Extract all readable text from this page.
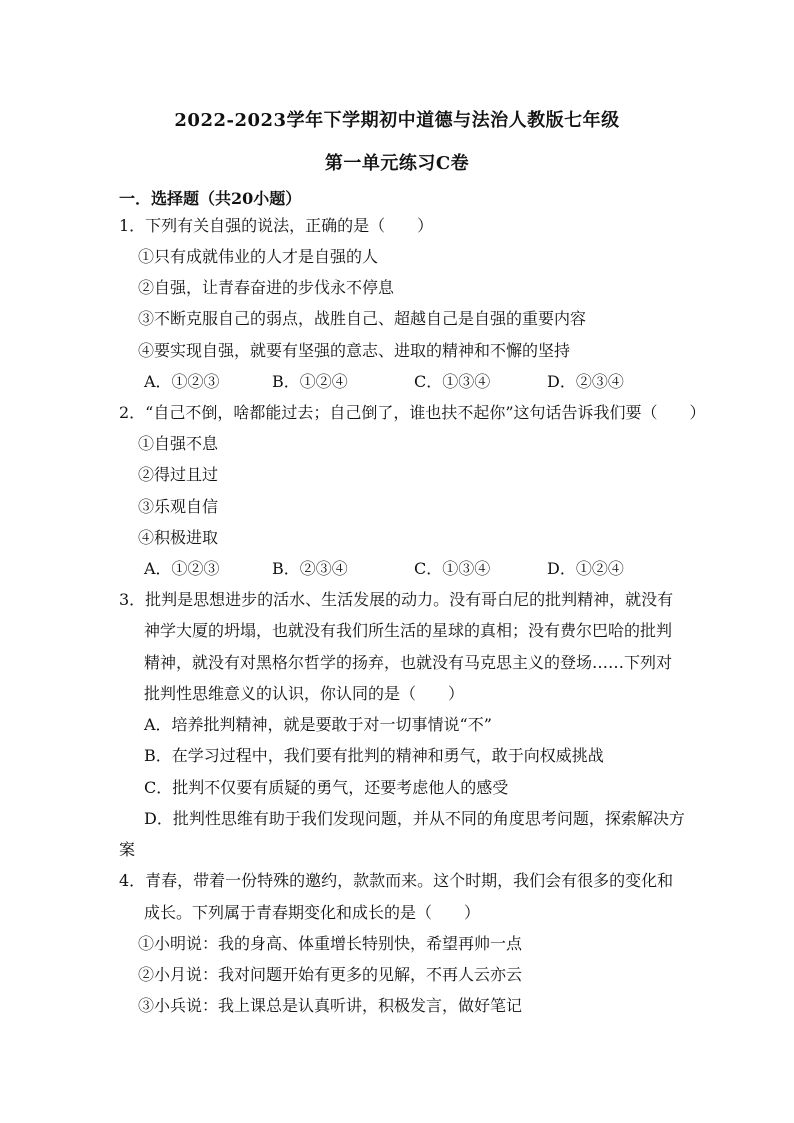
2022-2023学年下学期初中道德与法治人教版七年级
第一单元练习C卷
一．选择题（共20小题）
1．下列有关自强的说法，正确的是（　　）
①只有成就伟业的人才是自强的人
②自强，让青春奋进的步伐永不停息
③不断克服自己的弱点，战胜自己、超越自己是自强的重要内容
④要实现自强，就要有坚强的意志、进取的精神和不懈的坚持
A．①②③	B．①②④	C．①③④	D．②③④
2．“自己不倒，啥都能过去；自己倒了，谁也扶不起你”这句话告诉我们要（　　）
①自强不息
②得过且过
③乐观自信
④积极进取
A．①②③	B．②③④	C．①③④	D．①②④
3．批判是思想进步的活水、生活发展的动力。没有哥白尼的批判精神，就没有
神学大厦的坍塌，也就没有我们所生活的星球的真相；没有费尔巴哈的批判
精神，就没有对黑格尔哲学的扬弃，也就没有马克思主义的登场……下列对
批判性思维意义的认识，你认同的是（　　）
A．培养批判精神，就是要敢于对一切事情说“不”
B．在学习过程中，我们要有批判的精神和勇气，敢于向权威挑战
C．批判不仅要有质疑的勇气，还要考虑他人的感受
D．批判性思维有助于我们发现问题，并从不同的角度思考问题，探索解决方
案
4．青春，带着一份特殊的邀约，款款而来。这个时期，我们会有很多的变化和
成长。下列属于青春期变化和成长的是（　　）
①小明说：我的身高、体重增长特别快，希望再帅一点
②小月说：我对问题开始有更多的见解，不再人云亦云
③小兵说：我上课总是认真听讲，积极发言，做好笔记
